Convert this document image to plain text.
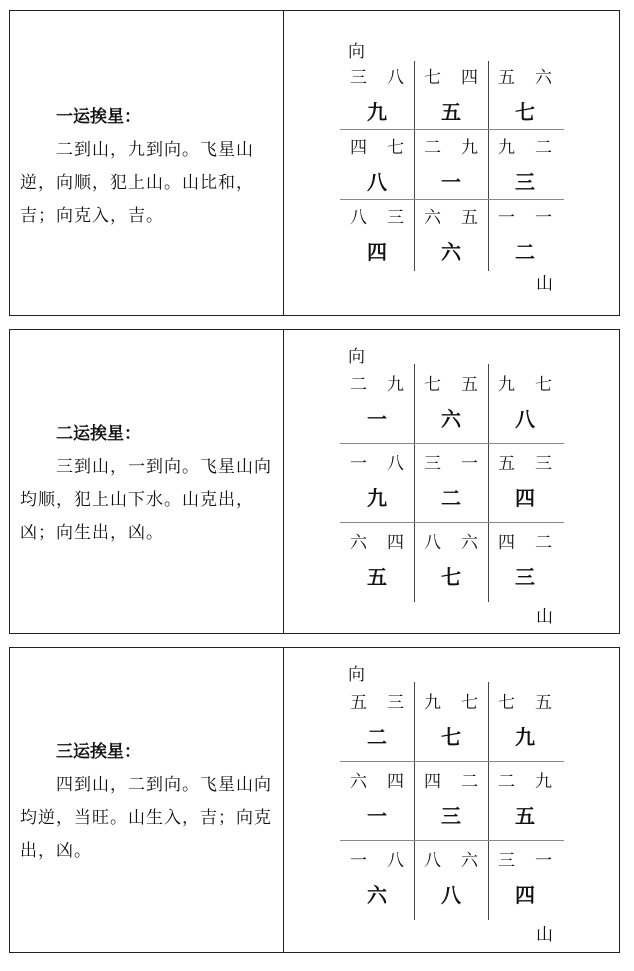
一运挨星：
二到山，九到向。飞星山逆，向顺，犯上山。山比和，吉；向克入，吉。
向
三 八
九
七 四
五
五 六
七
四 七
八
二 九
一
九 二
三
八 三
四
六 五
六
一 一
二
山
二运挨星：
三到山，一到向。飞星山向均顺，犯上山下水。山克出，凶；向生出，凶。
向
二 九
一
七 五
六
九 七
八
一 八
九
三 一
二
五 三
四
六 四
五
八 六
七
四 二
三
山
三运挨星：
四到山，二到向。飞星山向均逆，当旺。山生入，吉；向克出，凶。
向
五 三
二
九 七
七
七 五
九
六 四
一
四 二
三
二 九
五
一 八
六
八 六
八
三 一
四
山
